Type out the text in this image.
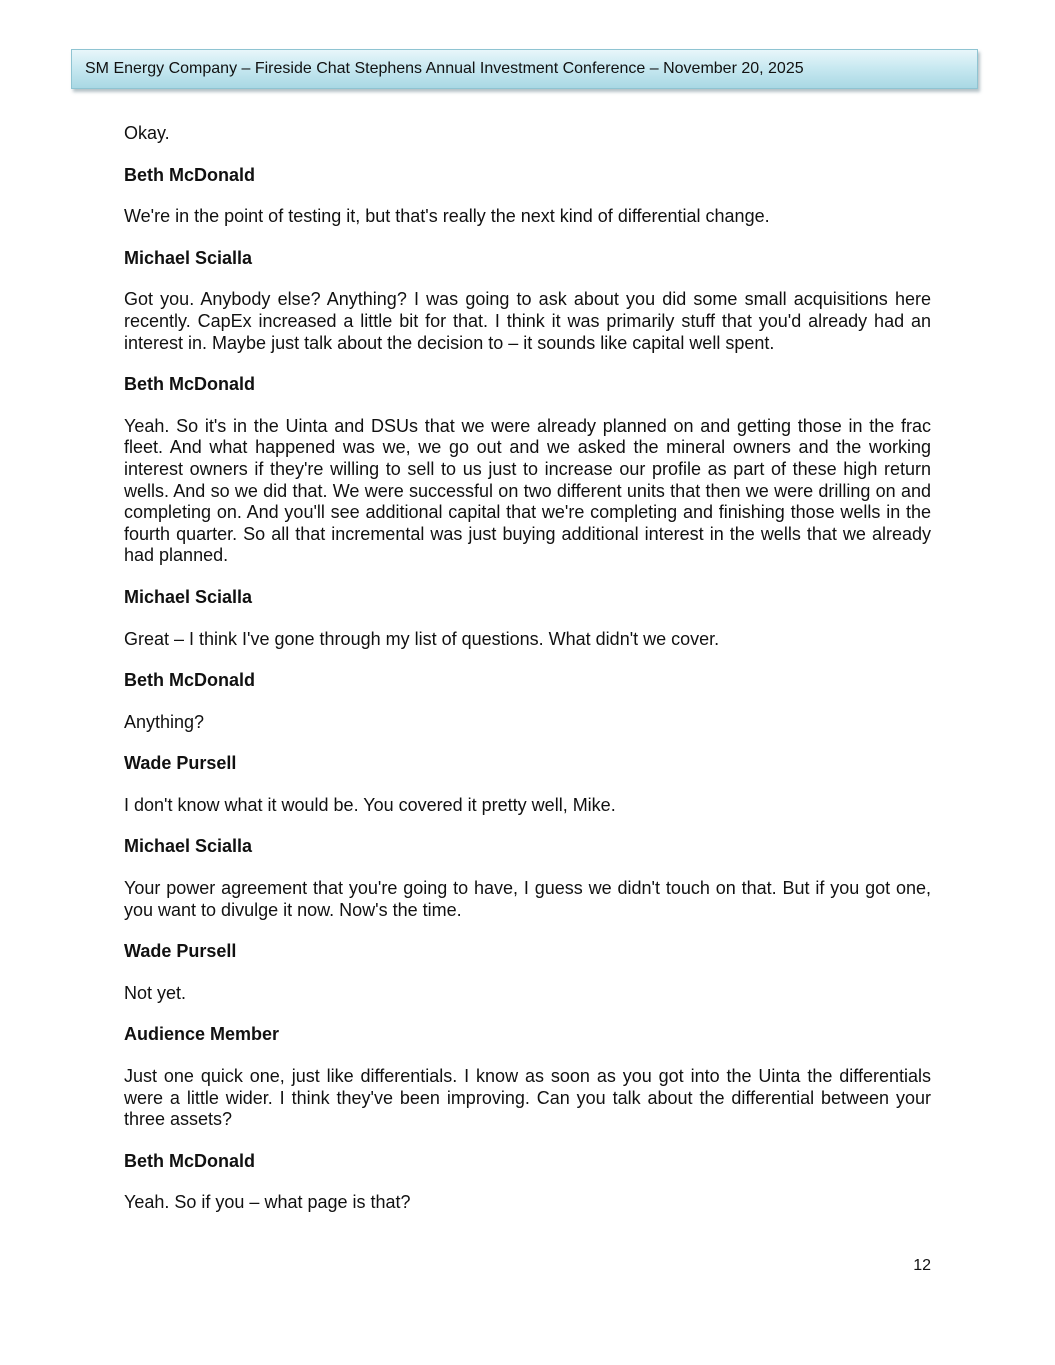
SM Energy Company – Fireside Chat Stephens Annual Investment Conference – November 20, 2025

Okay.

Beth McDonald

We're in the point of testing it, but that's really the next kind of differential change.

Michael Scialla

Got you. Anybody else? Anything? I was going to ask about you did some small acquisitions here recently. CapEx increased a little bit for that. I think it was primarily stuff that you'd already had an interest in. Maybe just talk about the decision to – it sounds like capital well spent.

Beth McDonald

Yeah. So it's in the Uinta and DSUs that we were already planned on and getting those in the frac fleet. And what happened was we, we go out and we asked the mineral owners and the working interest owners if they're willing to sell to us just to increase our profile as part of these high return wells. And so we did that. We were successful on two different units that then we were drilling on and completing on. And you'll see additional capital that we're completing and finishing those wells in the fourth quarter. So all that incremental was just buying additional interest in the wells that we already had planned.

Michael Scialla

Great – I think I've gone through my list of questions. What didn't we cover.

Beth McDonald

Anything?

Wade Pursell

I don't know what it would be. You covered it pretty well, Mike.

Michael Scialla

Your power agreement that you're going to have, I guess we didn't touch on that. But if you got one, you want to divulge it now. Now's the time.

Wade Pursell

Not yet.

Audience Member

Just one quick one, just like differentials. I know as soon as you got into the Uinta the differentials were a little wider. I think they've been improving. Can you talk about the differential between your three assets?

Beth McDonald

Yeah. So if you – what page is that?

12
